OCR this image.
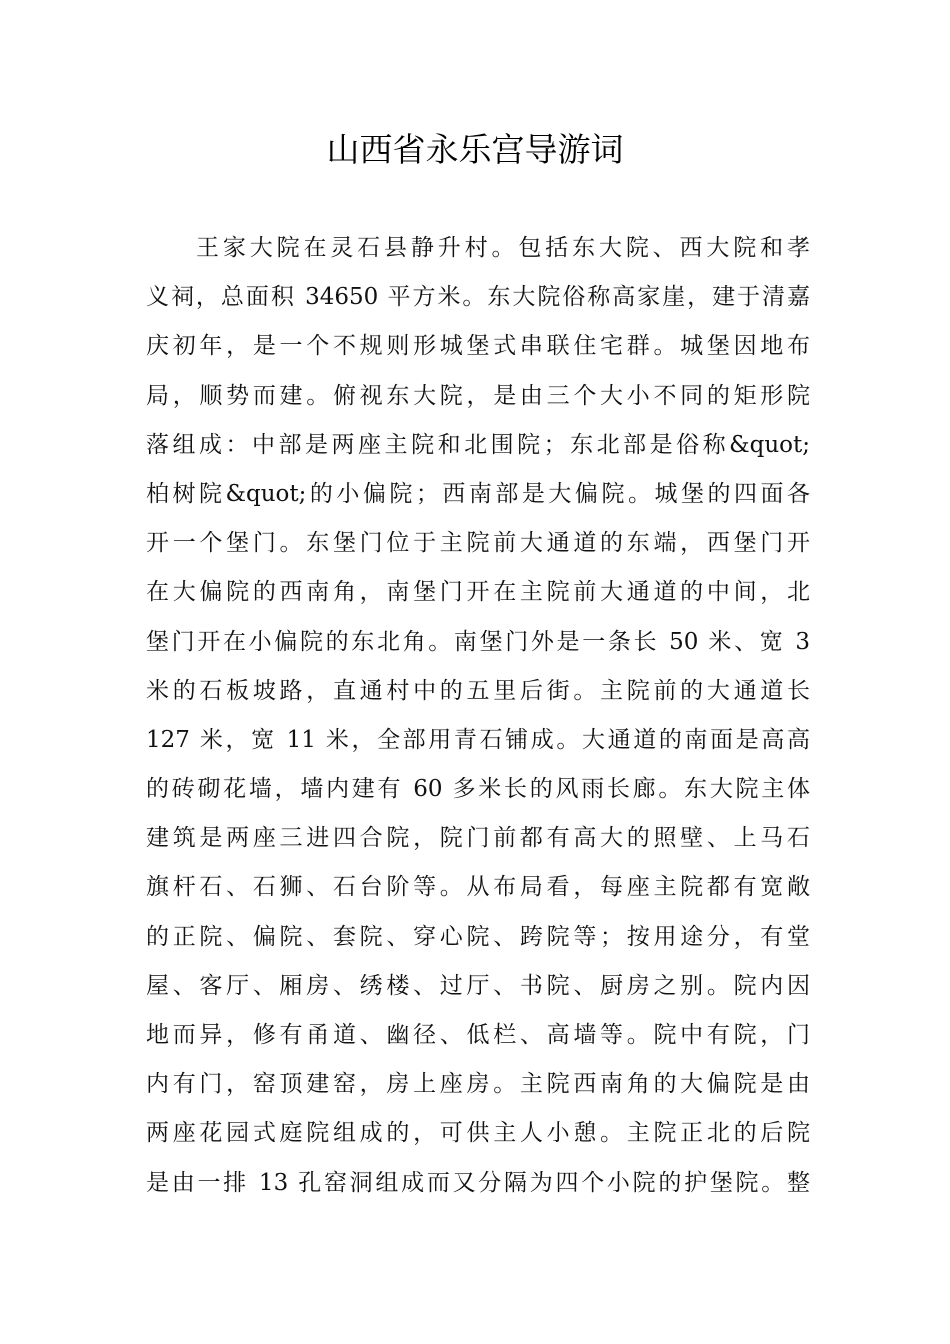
山西省永乐宫导游词
王家大院在灵石县静升村。包括东大院、西大院和孝
义祠，总面积 34650 平方米。东大院俗称高家崖，建于清嘉
庆初年，是一个不规则形城堡式串联住宅群。城堡因地布
局，顺势而建。俯视东大院，是由三个大小不同的矩形院
落组成：中部是两座主院和北围院；东北部是俗称&quot;
柏树院&quot;的小偏院；西南部是大偏院。城堡的四面各
开一个堡门。东堡门位于主院前大通道的东端，西堡门开
在大偏院的西南角，南堡门开在主院前大通道的中间，北
堡门开在小偏院的东北角。南堡门外是一条长 50 米、宽 3
米的石板坡路，直通村中的五里后街。主院前的大通道长
127 米，宽 11 米，全部用青石铺成。大通道的南面是高高
的砖砌花墙，墙内建有 60 多米长的风雨长廊。东大院主体
建筑是两座三进四合院，院门前都有高大的照壁、上马石
旗杆石、石狮、石台阶等。从布局看，每座主院都有宽敞
的正院、偏院、套院、穿心院、跨院等；按用途分，有堂
屋、客厅、厢房、绣楼、过厅、书院、厨房之别。院内因
地而异，修有甬道、幽径、低栏、高墙等。院中有院，门
内有门，窑顶建窑，房上座房。主院西南角的大偏院是由
两座花园式庭院组成的，可供主人小憩。主院正北的后院
是由一排 13 孔窑洞组成而又分隔为四个小院的护堡院。整
